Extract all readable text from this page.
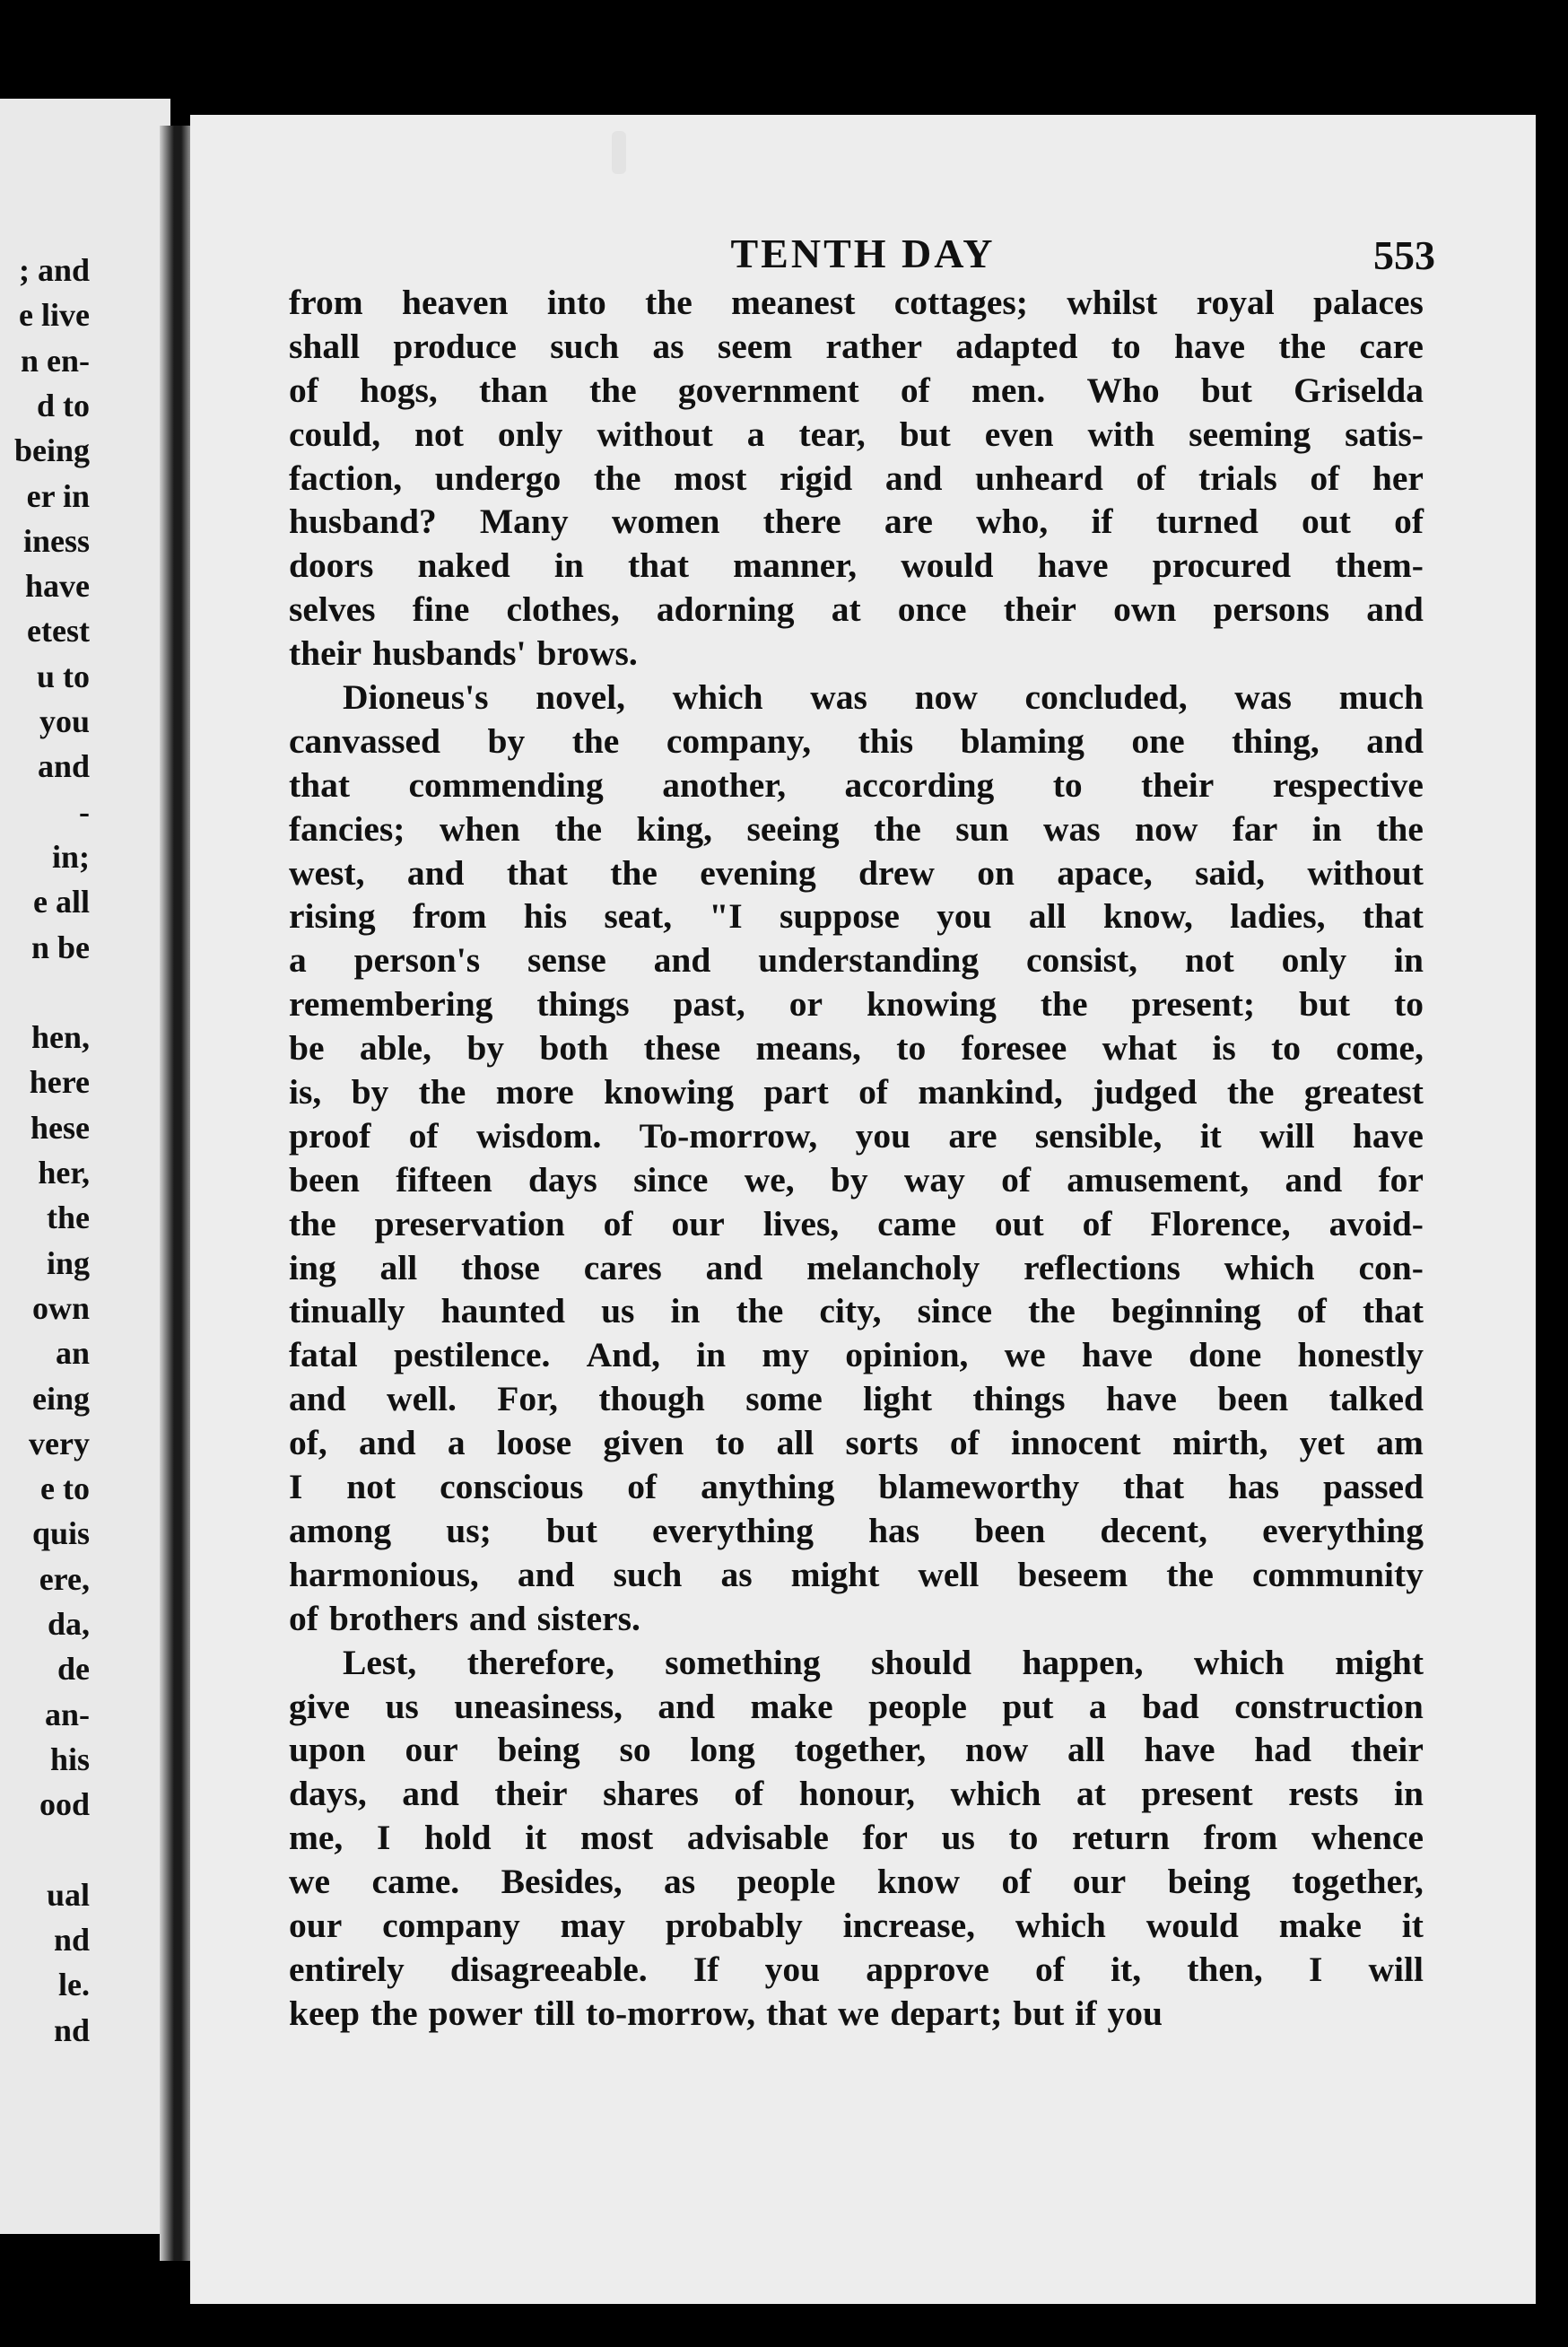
; and
e live
n en-
d to
being
er in
iness
have
etest
u to
you
and
-
in;
e all
n be
hen,
here
hese
her,
the
ing
own
an
eing
very
e to
quis
ere,
da,
de
an-
his
ood
ual
nd
le.
nd
TENTH DAY	553
from heaven into the meanest cottages; whilst royal palaces
shall produce such as seem rather adapted to have the care
of hogs, than the government of men. Who but Griselda
could, not only without a tear, but even with seeming satis-
faction, undergo the most rigid and unheard of trials of her
husband? Many women there are who, if turned out of
doors naked in that manner, would have procured them-
selves fine clothes, adorning at once their own persons and
their husbands' brows.
Dioneus's novel, which was now concluded, was much
canvassed by the company, this blaming one thing, and
that commending another, according to their respective
fancies; when the king, seeing the sun was now far in the
west, and that the evening drew on apace, said, without
rising from his seat, "I suppose you all know, ladies, that
a person's sense and understanding consist, not only in
remembering things past, or knowing the present; but to
be able, by both these means, to foresee what is to come,
is, by the more knowing part of mankind, judged the greatest
proof of wisdom. To-morrow, you are sensible, it will have
been fifteen days since we, by way of amusement, and for
the preservation of our lives, came out of Florence, avoid-
ing all those cares and melancholy reflections which con-
tinually haunted us in the city, since the beginning of that
fatal pestilence. And, in my opinion, we have done honestly
and well. For, though some light things have been talked
of, and a loose given to all sorts of innocent mirth, yet am
I not conscious of anything blameworthy that has passed
among us; but everything has been decent, everything
harmonious, and such as might well beseem the community
of brothers and sisters.
Lest, therefore, something should happen, which might
give us uneasiness, and make people put a bad construction
upon our being so long together, now all have had their
days, and their shares of honour, which at present rests in
me, I hold it most advisable for us to return from whence
we came. Besides, as people know of our being together,
our company may probably increase, which would make it
entirely disagreeable. If you approve of it, then, I will
keep the power till to-morrow, that we depart; but if you
